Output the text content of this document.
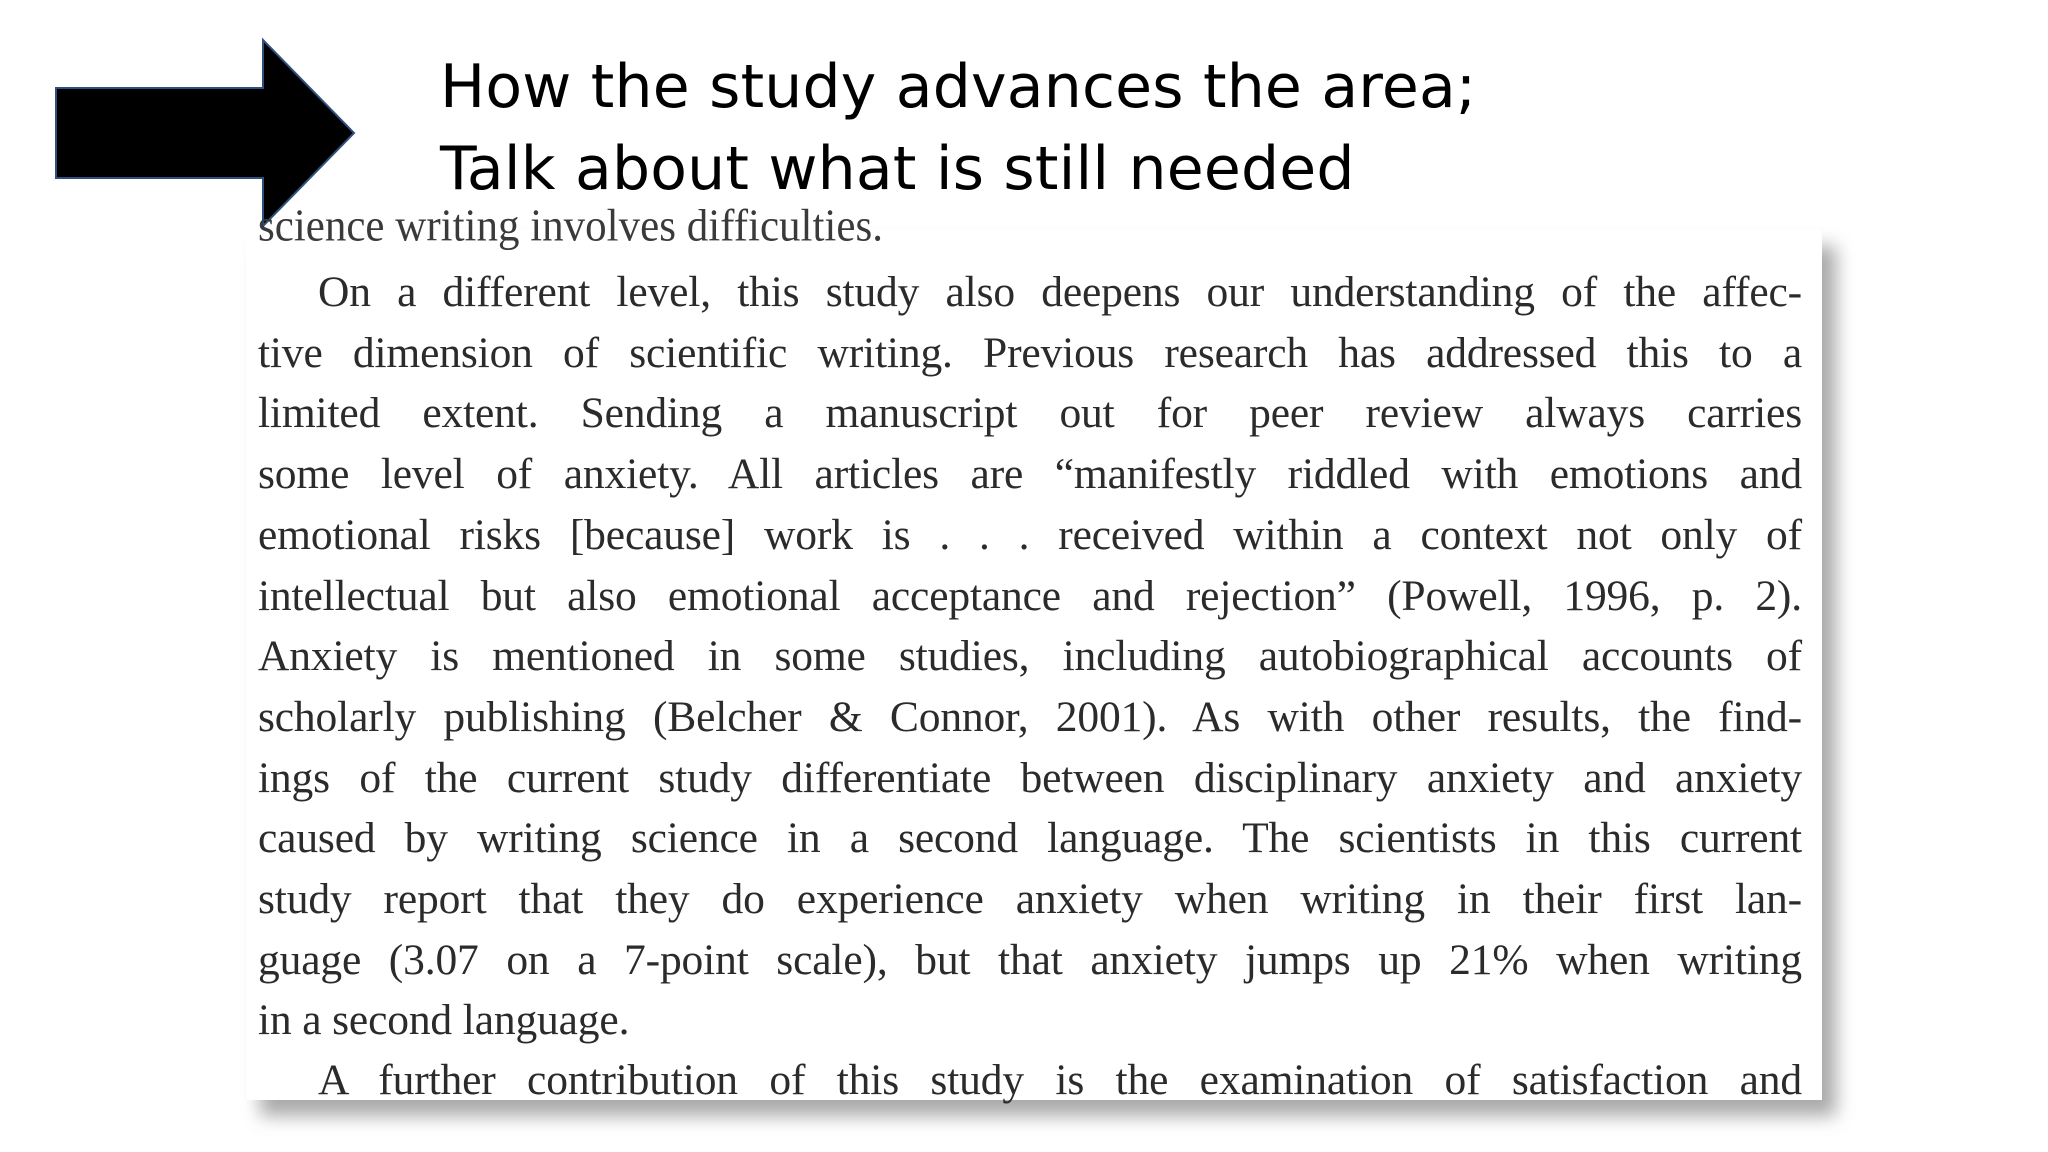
How the study advances the area;
Talk about what is still needed
science writing involves difficulties.
On a different level, this study also deepens our understanding of the affec-
tive dimension of scientific writing. Previous research has addressed this to a
limited extent. Sending a manuscript out for peer review always carries
some level of anxiety. All articles are “manifestly riddled with emotions and
emotional risks [because] work is . . . received within a context not only of
intellectual but also emotional acceptance and rejection” (Powell, 1996, p. 2).
Anxiety is mentioned in some studies, including autobiographical accounts of
scholarly publishing (Belcher & Connor, 2001). As with other results, the find-
ings of the current study differentiate between disciplinary anxiety and anxiety
caused by writing science in a second language. The scientists in this current
study report that they do experience anxiety when writing in their first lan-
guage (3.07 on a 7-point scale), but that anxiety jumps up 21% when writing
in a second language.
A further contribution of this study is the examination of satisfaction and
